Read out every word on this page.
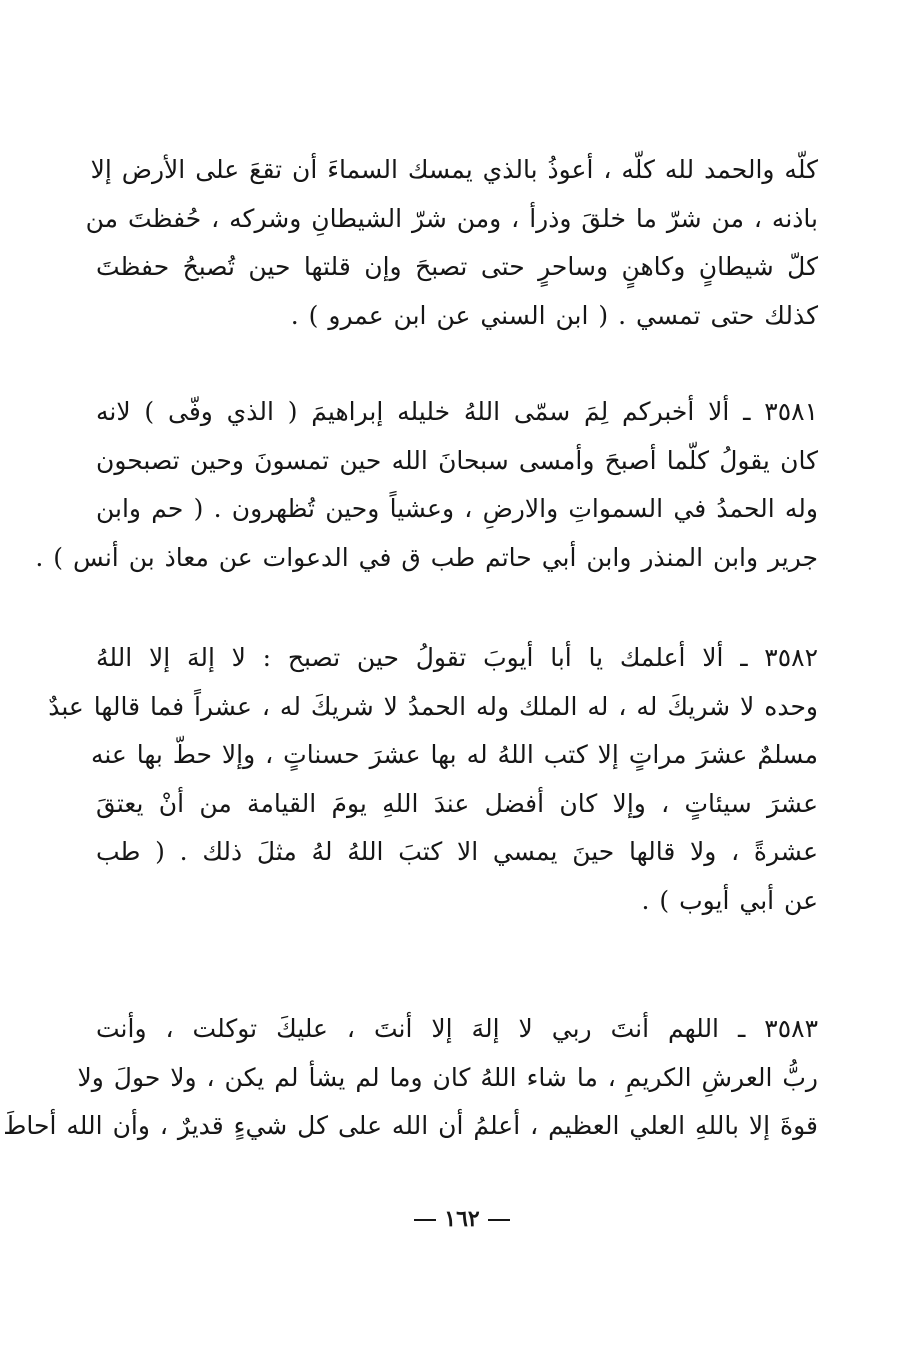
كلّه والحمد لله كلّه ، أعوذُ بالذي يمسك السماءَ أن تقعَ على الأرض إلا
باذنه ، من شرّ ما خلقَ وذرأ ، ومن شرّ الشيطانِ وشركه ، حُفظتَ من
كلّ شيطانٍ وكاهنٍ وساحرٍ حتى تصبحَ وإن قلتها حين تُصبحُ حفظتَ
كذلك حتى تمسي . ( ابن السني عن ابن عمرو ) .
٣٥٨١ ـ ألا أخبركم لِمَ سمّى اللهُ خليله إبراهيمَ ( الذي وفّى ) لانه
كان يقولُ كلّما أصبحَ وأمسى سبحانَ الله حين تمسونَ وحين تصبحون
وله الحمدُ في السمواتِ والارضِ ، وعشياً وحين تُظهرون . ( حم وابن
جرير وابن المنذر وابن أبي حاتم طب ق في الدعوات عن معاذ بن أنس ) .
٣٥٨٢ ـ ألا أعلمك يا أبا أيوبَ تقولُ حين تصبح : لا إلهَ إلا اللهُ
وحده لا شريكَ له ، له الملك وله الحمدُ لا شريكَ له ، عشراً فما قالها عبدٌ
مسلمٌ عشرَ مراتٍ إلا كتب اللهُ له بها عشرَ حسناتٍ ، وإلا حطّ بها عنه
عشرَ سيئاتٍ ، وإلا كان أفضل عندَ اللهِ يومَ القيامة من أنْ يعتقَ
عشرةً ، ولا قالها حينَ يمسي الا كتبَ اللهُ لهُ مثلَ ذلك . ( طب
عن أبي أيوب ) .
٣٥٨٣ ـ اللهم أنتَ ربي لا إلهَ إلا أنتَ ، عليكَ توكلت ، وأنت
ربُّ العرشِ الكريمِ ، ما شاء اللهُ كان وما لم يشأ لم يكن ، ولا حولَ ولا
قوةَ إلا باللهِ العلي العظيم ، أعلمُ أن الله على كل شيءٍ قديرٌ ، وأن الله أحاطَ
١٦٢
